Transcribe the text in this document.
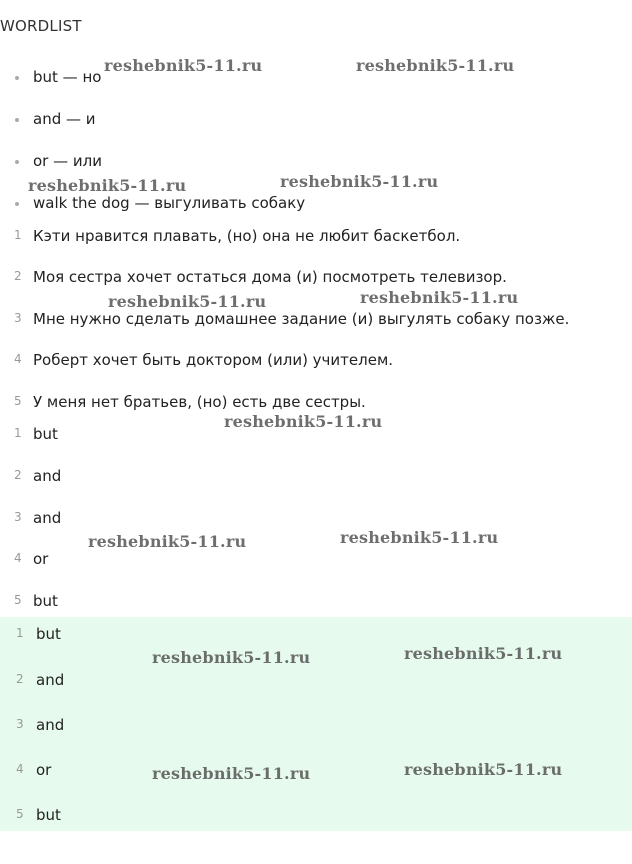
WORDLIST
but — но
and — и
or — или
walk the dog — выгуливать собаку
1 Кэти нравится плавать, (но) она не любит баскетбол.
2 Моя сестра хочет остаться дома (и) посмотреть телевизор.
3 Мне нужно сделать домашнее задание (и) выгулять собаку позже.
4 Роберт хочет быть доктором (или) учителем.
5 У меня нет братьев, (но) есть две сестры.
1 but
2 and
3 and
4 or
5 but
1 but
2 and
3 and
4 or
5 but
reshebnik5-11.ru	reshebnik5-11.ru
reshebnik5-11.ru	reshebnik5-11.ru
reshebnik5-11.ru	reshebnik5-11.ru
reshebnik5-11.ru
reshebnik5-11.ru	reshebnik5-11.ru
reshebnik5-11.ru	reshebnik5-11.ru
reshebnik5-11.ru	reshebnik5-11.ru
